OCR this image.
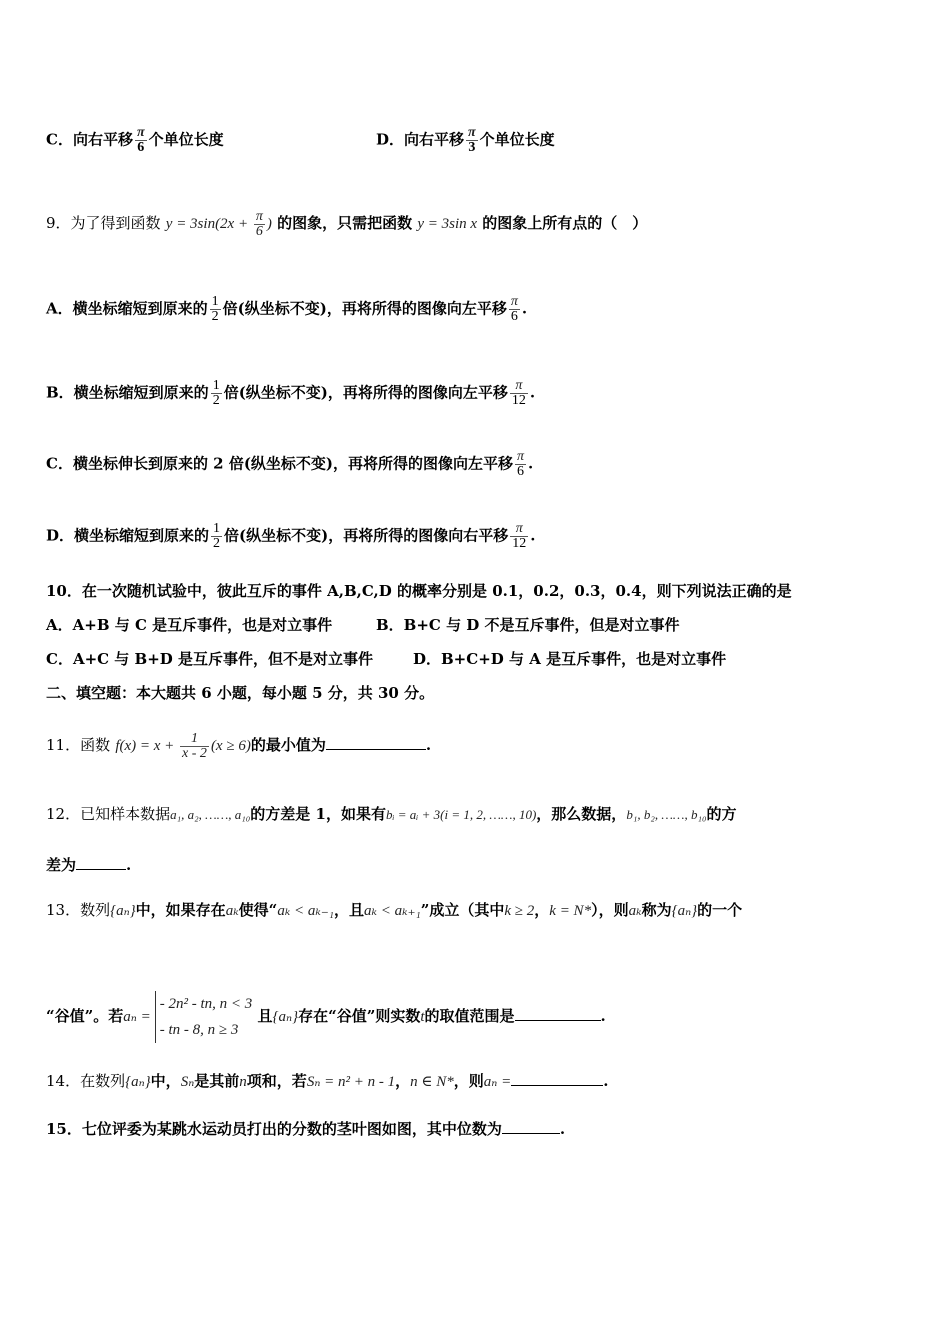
C．向右平移 $\frac{\pi}{6}$ 个单位长度	D．向右平移 $\frac{\pi}{3}$ 个单位长度
9．为了得到函数 $y = 3\sin(2x + \frac{\pi}{6}$ ) 的图象，只需把函数 y = 3sin x 的图象上所有点的（　）
A．横坐标缩短到原来的 $\frac{1}{2}$ 倍(纵坐标不变)，再将所得的图像向左平移 $\frac{\pi}{6}$ .
B．横坐标缩短到原来的 $\frac{1}{2}$ 倍(纵坐标不变)，再将所得的图像向左平移 $\frac{\pi}{12}$ .
C．横坐标伸长到原来的 2 倍(纵坐标不变)，再将所得的图像向左平移 $\frac{\pi}{6}$ .
D．横坐标缩短到原来的 $\frac{1}{2}$ 倍(纵坐标不变)，再将所得的图像向右平移 $\frac{\pi}{12}$ .
10．在一次随机试验中，彼此互斥的事件 A,B,C,D 的概率分别是 0.1，0.2，0.3，0.4，则下列说法正确的是
A．A+B 与 C 是互斥事件，也是对立事件	B．B+C 与 D 不是互斥事件，但是对立事件
C．A+C 与 B+D 是互斥事件，但不是对立事件	D．B+C+D 与 A 是互斥事件，也是对立事件
二、填空题：本大题共 6 小题，每小题 5 分，共 30 分。
11．函数 $f(x) = x + \frac{1}{x - 2} (x \ge 6)$的最小值为	.
12．已知样本数据a₁, a₂, ……, a₁₀的方差是 1，如果有bᵢ = aᵢ + 3(i = 1, 2, ……, 10)，那么数据，b₁, b₂, ……, b₁₀的方
差为	.
13．数列{aₙ}中，如果存在aₖ使得“aₖ < aₖ₋₁，且aₖ < aₖ₊₁”成立（其中k ≥ 2，k = N*），则aₖ称为{aₙ}的一个
“谷值”。若aₙ =
- 2n² - tn, n < 3
- tn - 8, n ≥ 3
且{aₙ}存在“谷值”则实数t的取值范围是	.
14．在数列{aₙ}中，Sₙ是其前n项和，若Sₙ = n² + n - 1，n ∈ N*，则aₙ =	.
15．七位评委为某跳水运动员打出的分数的茎叶图如图，其中位数为	.
